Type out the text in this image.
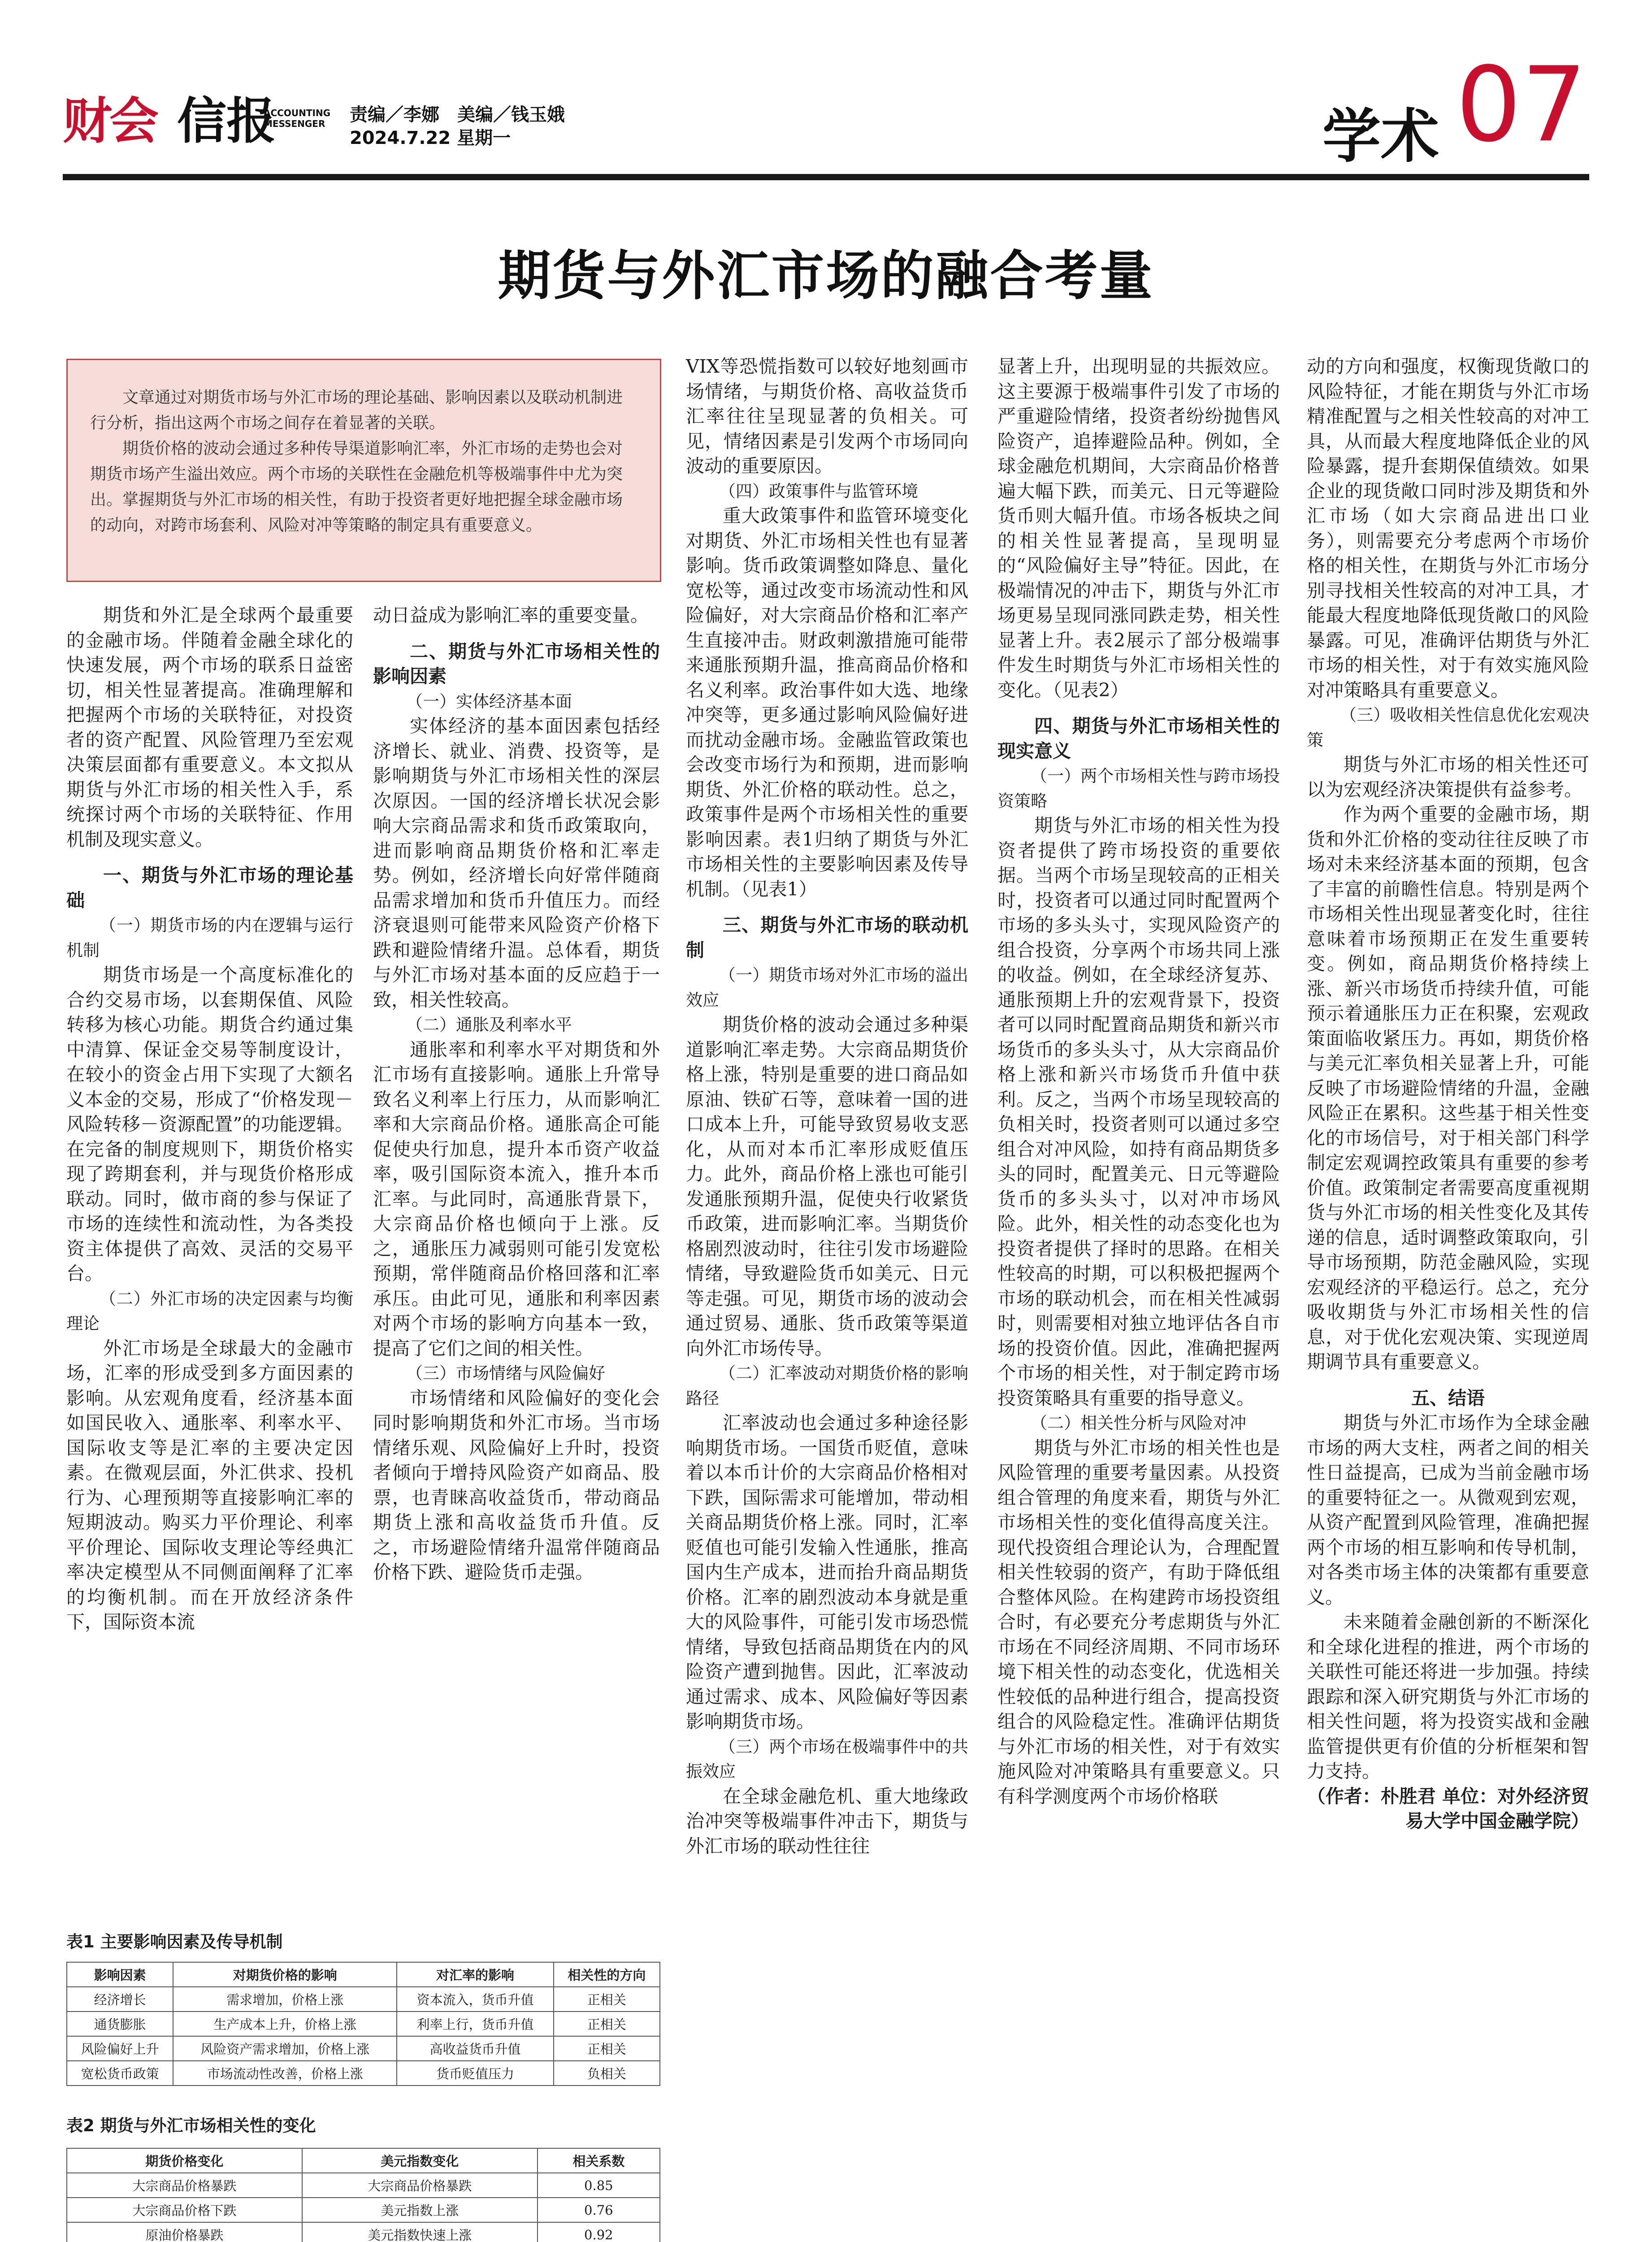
财会 信报
ACCOUNTING
MESSENGER 责编／李娜　美编／钱玉娥
2024.7.22 星期一	学术 07
期货与外汇市场的融合考量

文章通过对期货市场与外汇市场的理论基础、影响因素以及联动机制进行分析，指出这两个市场之间存在着显著的关联。

期货价格的波动会通过多种传导渠道影响汇率，外汇市场的走势也会对期货市场产生溢出效应。两个市场的关联性在金融危机等极端事件中尤为突出。掌握期货与外汇市场的相关性，有助于投资者更好地把握全球金融市场的动向，对跨市场套利、风险对冲等策略的制定具有重要意义。

期货和外汇是全球两个最重要的金融市场。伴随着金融全球化的快速发展，两个市场的联系日益密切，相关性显著提高。准确理解和把握两个市场的关联特征，对投资者的资产配置、风险管理乃至宏观决策层面都有重要意义。本文拟从期货与外汇市场的相关性入手，系统探讨两个市场的关联特征、作用机制及现实意义。

一、期货与外汇市场的理论基础
（一）期货市场的内在逻辑与运行机制

期货市场是一个高度标准化的合约交易市场，以套期保值、风险转移为核心功能。期货合约通过集中清算、保证金交易等制度设计，在较小的资金占用下实现了大额名义本金的交易，形成了“价格发现－风险转移－资源配置”的功能逻辑。在完备的制度规则下，期货价格实现了跨期套利，并与现货价格形成联动。同时，做市商的参与保证了市场的连续性和流动性，为各类投资主体提供了高效、灵活的交易平台。

（二）外汇市场的决定因素与均衡理论

外汇市场是全球最大的金融市场，汇率的形成受到多方面因素的影响。从宏观角度看，经济基本面如国民收入、通胀率、利率水平、国际收支等是汇率的主要决定因素。在微观层面，外汇供求、投机行为、心理预期等直接影响汇率的短期波动。购买力平价理论、利率平价理论、国际收支理论等经典汇率决定模型从不同侧面阐释了汇率的均衡机制。而在开放经济条件下，国际资本流

动日益成为影响汇率的重要变量。

二、期货与外汇市场相关性的影响因素
（一）实体经济基本面

实体经济的基本面因素包括经济增长、就业、消费、投资等，是影响期货与外汇市场相关性的深层次原因。一国的经济增长状况会影响大宗商品需求和货币政策取向，进而影响商品期货价格和汇率走势。例如，经济增长向好常伴随商品需求增加和货币升值压力。而经济衰退则可能带来风险资产价格下跌和避险情绪升温。总体看，期货与外汇市场对基本面的反应趋于一致，相关性较高。

（二）通胀及利率水平

通胀率和利率水平对期货和外汇市场有直接影响。通胀上升常导致名义利率上行压力，从而影响汇率和大宗商品价格。通胀高企可能促使央行加息，提升本币资产收益率，吸引国际资本流入，推升本币汇率。与此同时，高通胀背景下，大宗商品价格也倾向于上涨。反之，通胀压力减弱则可能引发宽松预期，常伴随商品价格回落和汇率承压。由此可见，通胀和利率因素对两个市场的影响方向基本一致，提高了它们之间的相关性。

（三）市场情绪与风险偏好

市场情绪和风险偏好的变化会同时影响期货和外汇市场。当市场情绪乐观、风险偏好上升时，投资者倾向于增持风险资产如商品、股票，也青睐高收益货币，带动商品期货上涨和高收益货币升值。反之，市场避险情绪升温常伴随商品价格下跌、避险货币走强。

表1 主要影响因素及传导机制
影响因素	对期货价格的影响	对汇率的影响	相关性的方向
经济增长	需求增加，价格上涨	资本流入，货币升值	正相关
通货膨胀	生产成本上升，价格上涨	利率上行，货币升值	正相关
风险偏好上升	风险资产需求增加，价格上涨	高收益货币升值	正相关
宽松货币政策	市场流动性改善，价格上涨	货币贬值压力	负相关
表2 期货与外汇市场相关性的变化
期货价格变化	美元指数变化	相关系数
大宗商品价格暴跌	大宗商品价格暴跌	0.85
大宗商品价格下跌	美元指数上涨	0.76
原油价格暴跌	美元指数快速上涨	0.92

VIX等恐慌指数可以较好地刻画市场情绪，与期货价格、高收益货币汇率往往呈现显著的负相关。可见，情绪因素是引发两个市场同向波动的重要原因。

（四）政策事件与监管环境

重大政策事件和监管环境变化对期货、外汇市场相关性也有显著影响。货币政策调整如降息、量化宽松等，通过改变市场流动性和风险偏好，对大宗商品价格和汇率产生直接冲击。财政刺激措施可能带来通胀预期升温，推高商品价格和名义利率。政治事件如大选、地缘冲突等，更多通过影响风险偏好进而扰动金融市场。金融监管政策也会改变市场行为和预期，进而影响期货、外汇价格的联动性。总之，政策事件是两个市场相关性的重要影响因素。表1归纳了期货与外汇市场相关性的主要影响因素及传导机制。（见表1）

三、期货与外汇市场的联动机制
（一）期货市场对外汇市场的溢出效应

期货价格的波动会通过多种渠道影响汇率走势。大宗商品期货价格上涨，特别是重要的进口商品如原油、铁矿石等，意味着一国的进口成本上升，可能导致贸易收支恶化，从而对本币汇率形成贬值压力。此外，商品价格上涨也可能引发通胀预期升温，促使央行收紧货币政策，进而影响汇率。当期货价格剧烈波动时，往往引发市场避险情绪，导致避险货币如美元、日元等走强。可见，期货市场的波动会通过贸易、通胀、货币政策等渠道向外汇市场传导。

（二）汇率波动对期货价格的影响路径

汇率波动也会通过多种途径影响期货市场。一国货币贬值，意味着以本币计价的大宗商品价格相对下跌，国际需求可能增加，带动相关商品期货价格上涨。同时，汇率贬值也可能引发输入性通胀，推高国内生产成本，进而抬升商品期货价格。汇率的剧烈波动本身就是重大的风险事件，可能引发市场恐慌情绪，导致包括商品期货在内的风险资产遭到抛售。因此，汇率波动通过需求、成本、风险偏好等因素影响期货市场。

（三）两个市场在极端事件中的共振效应

在全球金融危机、重大地缘政治冲突等极端事件冲击下，期货与外汇市场的联动性往往

显著上升，出现明显的共振效应。这主要源于极端事件引发了市场的严重避险情绪，投资者纷纷抛售风险资产，追捧避险品种。例如，全球金融危机期间，大宗商品价格普遍大幅下跌，而美元、日元等避险货币则大幅升值。市场各板块之间的相关性显著提高，呈现明显的“风险偏好主导”特征。因此，在极端情况的冲击下，期货与外汇市场更易呈现同涨同跌走势，相关性显著上升。表2展示了部分极端事件发生时期货与外汇市场相关性的变化。（见表2）

四、期货与外汇市场相关性的现实意义
（一）两个市场相关性与跨市场投资策略

期货与外汇市场的相关性为投资者提供了跨市场投资的重要依据。当两个市场呈现较高的正相关时，投资者可以通过同时配置两个市场的多头头寸，实现风险资产的组合投资，分享两个市场共同上涨的收益。例如，在全球经济复苏、通胀预期上升的宏观背景下，投资者可以同时配置商品期货和新兴市场货币的多头头寸，从大宗商品价格上涨和新兴市场货币升值中获利。反之，当两个市场呈现较高的负相关时，投资者则可以通过多空组合对冲风险，如持有商品期货多头的同时，配置美元、日元等避险货币的多头头寸，以对冲市场风险。此外，相关性的动态变化也为投资者提供了择时的思路。在相关性较高的时期，可以积极把握两个市场的联动机会，而在相关性减弱时，则需要相对独立地评估各自市场的投资价值。因此，准确把握两个市场的相关性，对于制定跨市场投资策略具有重要的指导意义。

（二）相关性分析与风险对冲

期货与外汇市场的相关性也是风险管理的重要考量因素。从投资组合管理的角度来看，期货与外汇市场相关性的变化值得高度关注。现代投资组合理论认为，合理配置相关性较弱的资产，有助于降低组合整体风险。在构建跨市场投资组合时，有必要充分考虑期货与外汇市场在不同经济周期、不同市场环境下相关性的动态变化，优选相关性较低的品种进行组合，提高投资组合的风险稳定性。准确评估期货与外汇市场的相关性，对于有效实施风险对冲策略具有重要意义。只有科学测度两个市场价格联

动的方向和强度，权衡现货敞口的风险特征，才能在期货与外汇市场精准配置与之相关性较高的对冲工具，从而最大程度地降低企业的风险暴露，提升套期保值绩效。如果企业的现货敞口同时涉及期货和外汇市场（如大宗商品进出口业务），则需要充分考虑两个市场价格的相关性，在期货与外汇市场分别寻找相关性较高的对冲工具，才能最大程度地降低现货敞口的风险暴露。可见，准确评估期货与外汇市场的相关性，对于有效实施风险对冲策略具有重要意义。

（三）吸收相关性信息优化宏观决策

期货与外汇市场的相关性还可以为宏观经济决策提供有益参考。

作为两个重要的金融市场，期货和外汇价格的变动往往反映了市场对未来经济基本面的预期，包含了丰富的前瞻性信息。特别是两个市场相关性出现显著变化时，往往意味着市场预期正在发生重要转变。例如，商品期货价格持续上涨、新兴市场货币持续升值，可能预示着通胀压力正在积聚，宏观政策面临收紧压力。再如，期货价格与美元汇率负相关显著上升，可能反映了市场避险情绪的升温，金融风险正在累积。这些基于相关性变化的市场信号，对于相关部门科学制定宏观调控政策具有重要的参考价值。政策制定者需要高度重视期货与外汇市场的相关性变化及其传递的信息，适时调整政策取向，引导市场预期，防范金融风险，实现宏观经济的平稳运行。总之，充分吸收期货与外汇市场相关性的信息，对于优化宏观决策、实现逆周期调节具有重要意义。

五、结语

期货与外汇市场作为全球金融市场的两大支柱，两者之间的相关性日益提高，已成为当前金融市场的重要特征之一。从微观到宏观，从资产配置到风险管理，准确把握两个市场的相互影响和传导机制，对各类市场主体的决策都有重要意义。

未来随着金融创新的不断深化和全球化进程的推进，两个市场的关联性可能还将进一步加强。持续跟踪和深入研究期货与外汇市场的相关性问题，将为投资实战和金融监管提供更有价值的分析框架和智力支持。

（作者：朴胜君 单位：对外经济贸易大学中国金融学院）
